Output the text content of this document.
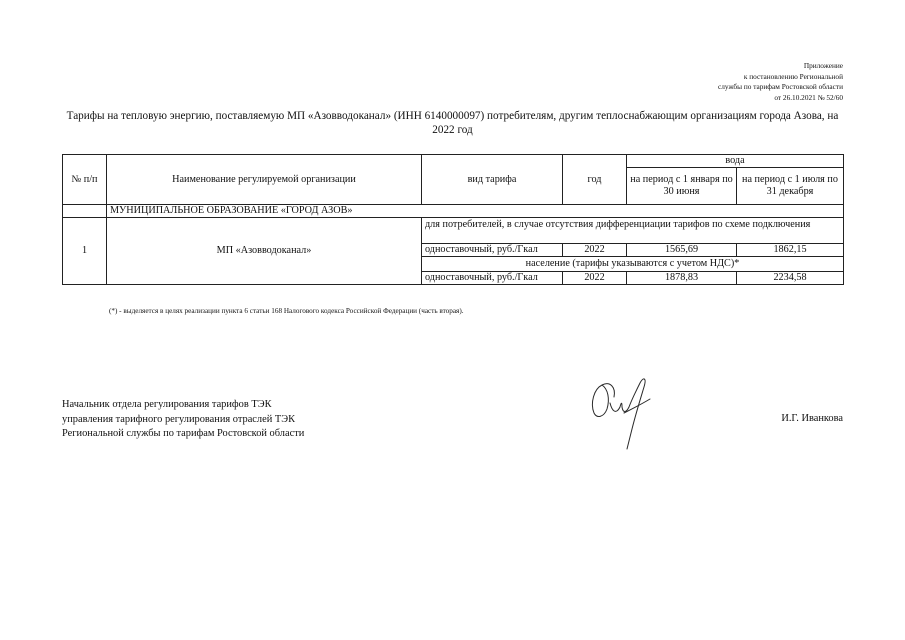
Приложение
к постановлению Региональной
службы по тарифам Ростовской области
от 26.10.2021 № 52/60
Тарифы на тепловую энергию, поставляемую МП «Азовводоканал» (ИНН 6140000097) потребителям, другим теплоснабжающим организациям города Азова, на 2022 год
№ п/п	Наименование регулируемой организации	вид тарифа	год	вода	
				на период с 1 января по 30 июня	на период с 1 июля по 31 декабря
	МУНИЦИПАЛЬНОЕ ОБРАЗОВАНИЕ «ГОРОД АЗОВ»				
1	МП «Азовводоканал»	для потребителей, в случае отсутствия дифференциации тарифов по схеме подключения			
		одноставочный, руб./Гкал	2022	1565,69	1862,15
		население (тарифы указываются с учетом НДС)*			
		одноставочный, руб./Гкал	2022	1878,83	2234,58
(*) - выделяется в целях реализации пункта 6 статьи 168 Налогового кодекса Российской Федерации (часть вторая).
Начальник отдела регулирования тарифов ТЭК
управления тарифного регулирования отраслей ТЭК
Региональной службы по тарифам Ростовской области
И.Г. Иванкова
